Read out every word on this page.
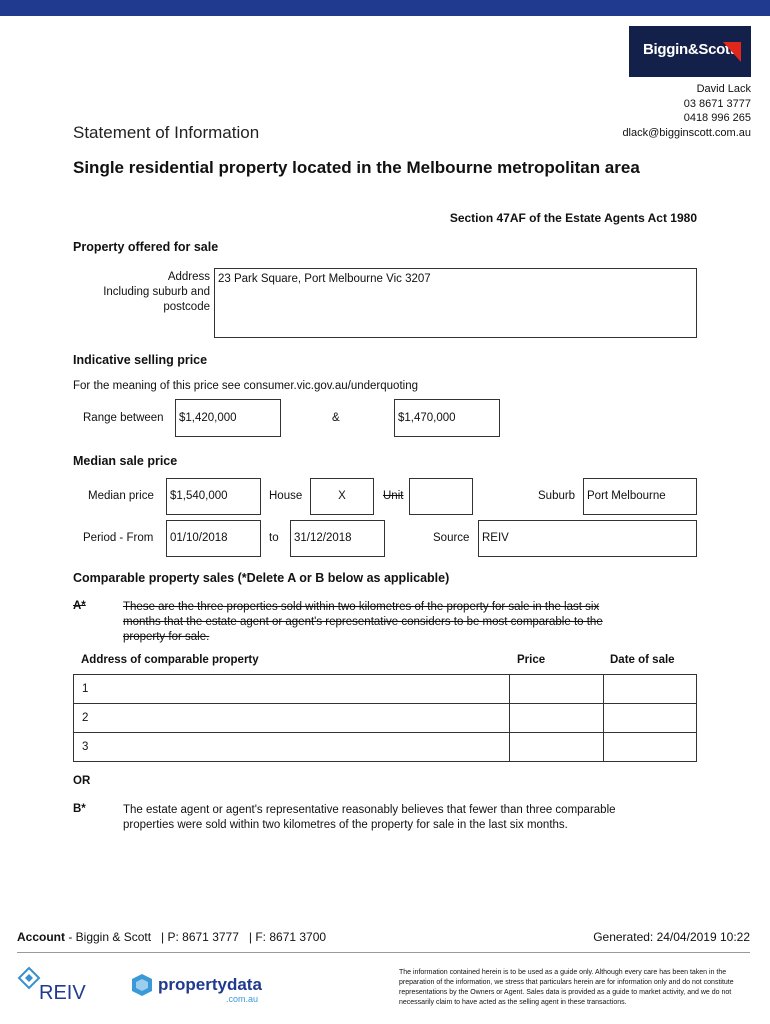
Biggin&Scott
David Lack
03 8671 3777
0418 996 265
dlack@bigginscott.com.au
Statement of Information
Single residential property located in the Melbourne metropolitan area
Section 47AF of the Estate Agents Act 1980
Property offered for sale
Address
Including suburb and
postcode
23 Park Square, Port Melbourne Vic 3207
Indicative selling price
For the meaning of this price see consumer.vic.gov.au/underquoting
Range between	$1,420,000	&	$1,470,000
Median sale price
Median price	$1,540,000	House	X	Unit	Suburb	Port Melbourne
Period - From	01/10/2018	to	31/12/2018	Source	REIV
Comparable property sales (*Delete A or B below as applicable)
A*	These are the three properties sold within two kilometres of the property for sale in the last six
months that the estate agent or agent's representative considers to be most comparable to the
property for sale.
Address of comparable property	Price	Date of sale
1		
2		
3		
OR
B*	The estate agent or agent's representative reasonably believes that fewer than three comparable
properties were sold within two kilometres of the property for sale in the last six months.
Account - Biggin & Scott   | P: 8671 3777   | F: 8671 3700	Generated: 24/04/2019 10:22
REIV	propertydata
.com.au
The information contained herein is to be used as a guide only. Although every care has been taken in the preparation of the information, we stress that particulars herein are for information only and do not constitute representations by the Owners or Agent. Sales data is provided as a guide to market activity, and we do not necessarily claim to have acted as the selling agent in these transactions.
